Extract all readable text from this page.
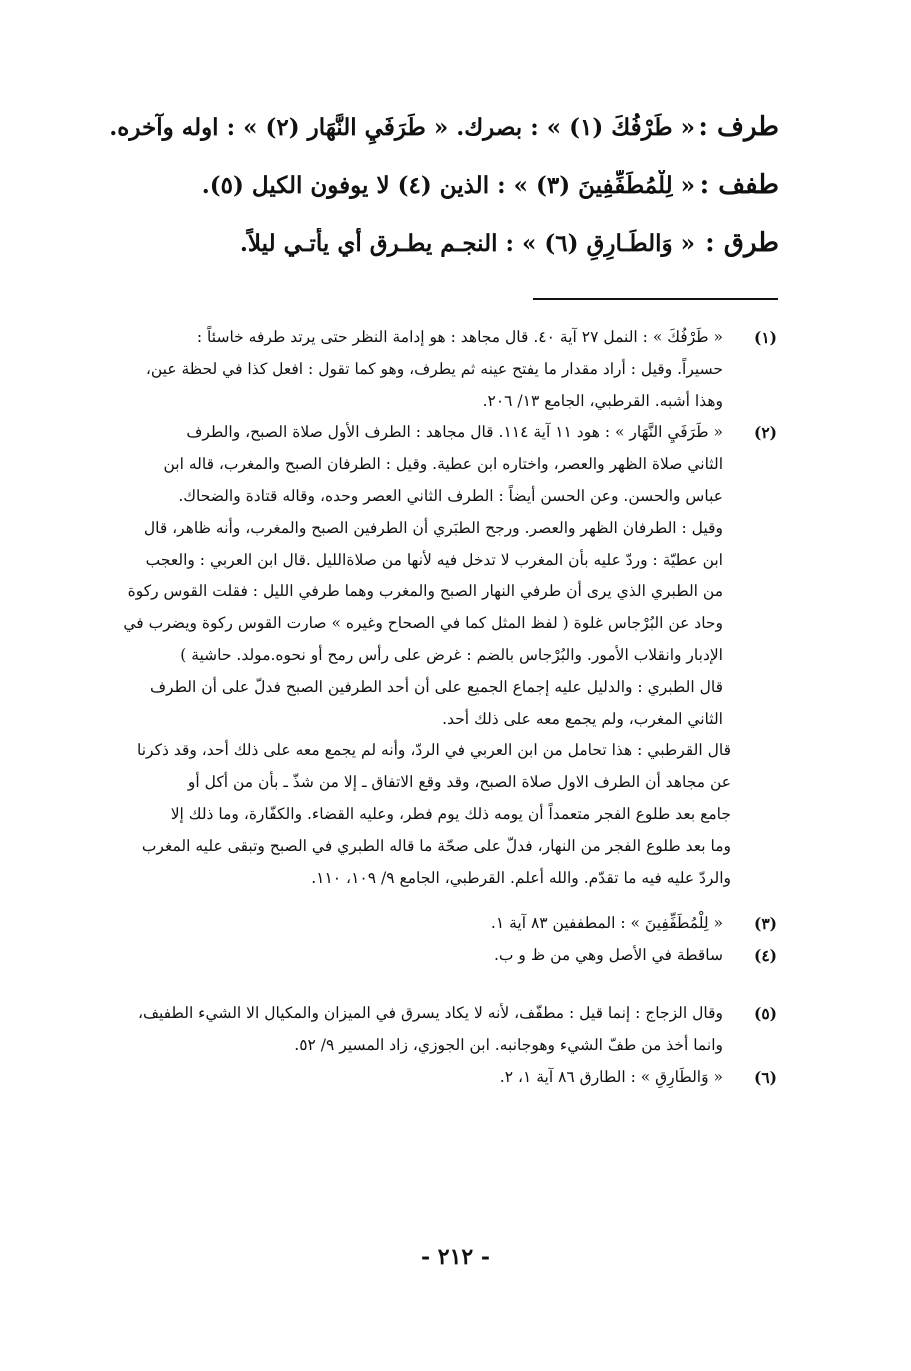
طرف :
« طَرْفُكَ (١) » : بصرك. « طَرَفَيِ النَّهَار (٢) » : اوله وآخره.
طفف :
« لِلْمُطَفِّفِينَ (٣) » : الذين (٤) لا يوفون الكيل (٥).
طرق :
« وَالطَـارِقِ (٦) » : النجـم يطـرق أي يأتـي ليلاً.
(١)
« طَرْفُكَ » : النمل ٢٧ آية ٤٠. قال مجاهد : هو إدامة النظر حتى يرتد طرفه خاسئاً :
حسيراً. وقيل : أراد مقدار ما يفتح عينه ثم يطرف، وهو كما تقول : افعل كذا في لحظة عين،
وهذا أشبه. القرطبي، الجامع ١٣/ ٢٠٦.
(٢)
« طَرَفَيِ النَّهَار » : هود ١١ آية ١١٤. قال مجاهد : الطرف الأول صلاة الصبح، والطرف
الثاني صلاة الظهر والعصر، واختاره ابن عطية. وقيل : الطرفان الصبح والمغرب، قاله ابن
عباس والحسن. وعن الحسن أيضاً : الطرف الثاني العصر وحده، وقاله قتادة والضحاك.
وقيل : الطرفان الظهر والعصر. ورجح الطبَري أن الطرفين الصبح والمغرب، وأنه ظاهر، قال
ابن عطيّة : وردّ عليه بأن المغرب لا تدخل فيه لأنها من صلاةالليل .قال ابن العربي : والعجب
من الطبري الذي يرى أن طرفي النهار الصبح والمغرب وهما طرفي الليل : فقلت القوس ركوة
وحاد عن البُرْجاس غلوة ( لفظ المثل كما في الصحاح وغيره » صارت القوس ركوة ويضرب في
الإدبار وانقلاب الأمور. والبُرْجاس بالضم : غرض على رأس رمح أو نحوه.مولد. حاشية )
قال الطبري : والدليل عليه إجماع الجميع على أن أحد الطرفين الصبح فدلّ على أن الطرف
الثاني المغرب، ولم يجمع معه على ذلك أحد.
قال القرطبي : هذا تحامل من ابن العربي في الردّ، وأنه لم يجمع معه على ذلك أحد، وقد ذكرنا
عن مجاهد أن الطرف الاول صلاة الصبح، وقد وقع الاتفاق ـ إلا من شذّ ـ بأن من أكل أو
جامع بعد طلوع الفجر متعمداً أن يومه ذلك يوم فطر، وعليه القضاء. والكفّارة، وما ذلك إلا
وما بعد طلوع الفجر من النهار، فدلّ على صحّة ما قاله الطبري في الصبح وتبقى عليه المغرب
والردّ عليه فيه ما تقدّم. والله أعلم. القرطبي، الجامع ٩/ ١٠٩، ١١٠.
(٣)
« لِلْمُطَفِّفِينَ » : المطففين ٨٣ آية ١.
(٤)
ساقطة في الأصل وهي من ظ و ب.
(٥)
وقال الزجاج : إنما قيل : مطفّف، لأنه لا يكاد يسرق في الميزان والمكيال الا الشيء الطفيف،
وانما أخذ من طفّ الشيء وهوجانبه. ابن الجوزي، زاد المسير ٩/ ٥٢.
(٦)
« وَالطَارِقِ » : الطارق ٨٦ آية ١، ٢.
- ٢١٢ -
